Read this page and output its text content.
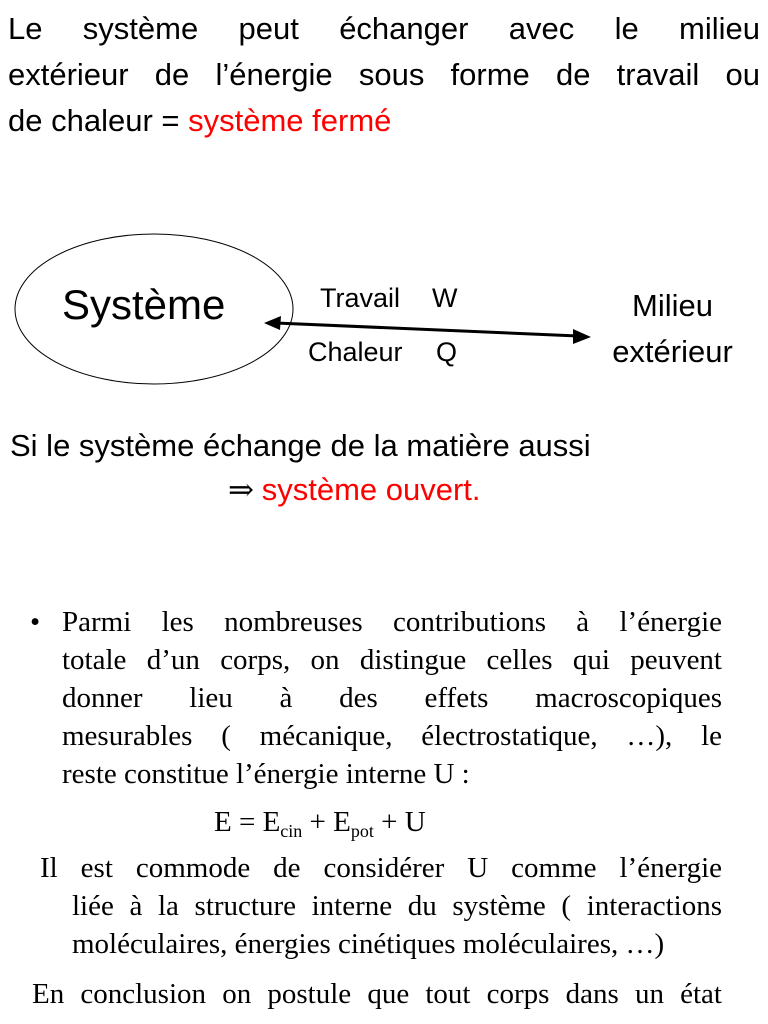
Le système peut échanger avec le milieu
extérieur de l’énergie sous forme de travail ou
de chaleur = système fermé
Système	Travail W
Chaleur Q
Milieu
extérieur
Si le système échange de la matière aussi
⇒ système ouvert.
• Parmi les nombreuses contributions à l’énergie
totale d’un corps, on distingue celles qui peuvent
donner lieu à des effets macroscopiques
mesurables ( mécanique, électrostatique, …), le
reste constitue l’énergie interne U :
$E = E_{cin} + E_{pot} + U$
Il est commode de considérer U comme l’énergie
liée à la structure interne du système ( interactions
moléculaires, énergies cinétiques moléculaires, …)
En conclusion on postule que tout corps dans un état
